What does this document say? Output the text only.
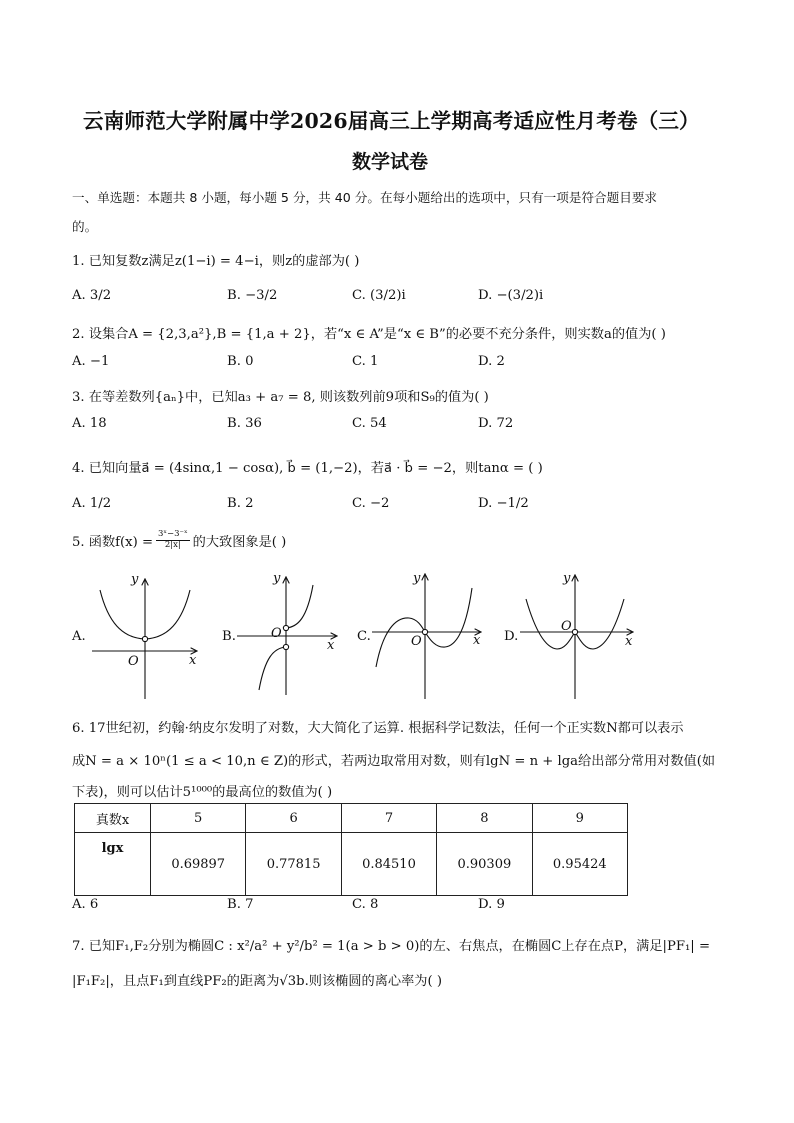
云南师范大学附属中学2026届高三上学期高考适应性月考卷（三）
数学试卷
一、单选题：本题共 8 小题，每小题 5 分，共 40 分。在每小题给出的选项中，只有一项是符合题目要求
的。
1. 已知复数z满足z(1−i) = 4−i，则z的虚部为( )
A. 3/2	B. −3/2	C. (3/2)i	D. −(3/2)i
2. 设集合A = {2,3,a²},B = {1,a + 2}，若“x ∈ A”是“x ∈ B”的必要不充分条件，则实数a的值为( )
A. −1	B. 0	C. 1	D. 2
3. 在等差数列{aₙ}中，已知a₃ + a₇ = 8, 则该数列前9项和S₉的值为( )
A. 18	B. 36	C. 54	D. 72
4. 已知向量a⃗ = (4sinα,1 − cosα), b⃗ = (1,−2)，若a⃗ · b⃗ = −2，则tanα = ( )
A. 1/2	B. 2	C. −2	D. −1/2
5. 函数$f(x) = \frac{\text{3ˣ−3⁻ˣ}}{2|x|}$ 的大致图象是( )
A.	B.	C.	D.
y
x
O
y
x
O
y
x
O
y
x
O
6. 17世纪初，约翰·纳皮尔发明了对数，大大简化了运算. 根据科学记数法，任何一个正实数N都可以表示
成N = a × 10ⁿ(1 ≤ a < 10,n ∈ Z)的形式，若两边取常用对数，则有lgN = n + lga给出部分常用对数值(如
下表)，则可以估计5¹⁰⁰⁰的最高位的数值为( )
真数x	5	6	7	8	9
lgx	0.69897	0.77815	0.84510	0.90309	0.95424
A. 6	B. 7	C. 8	D. 9
7. 已知F₁,F₂分别为椭圆C : x²/a² + y²/b² = 1(a > b > 0)的左、右焦点，在椭圆C上存在点P，满足|PF₁| =
|F₁F₂|，且点F₁到直线PF₂的距离为√3b.则该椭圆的离心率为( )
